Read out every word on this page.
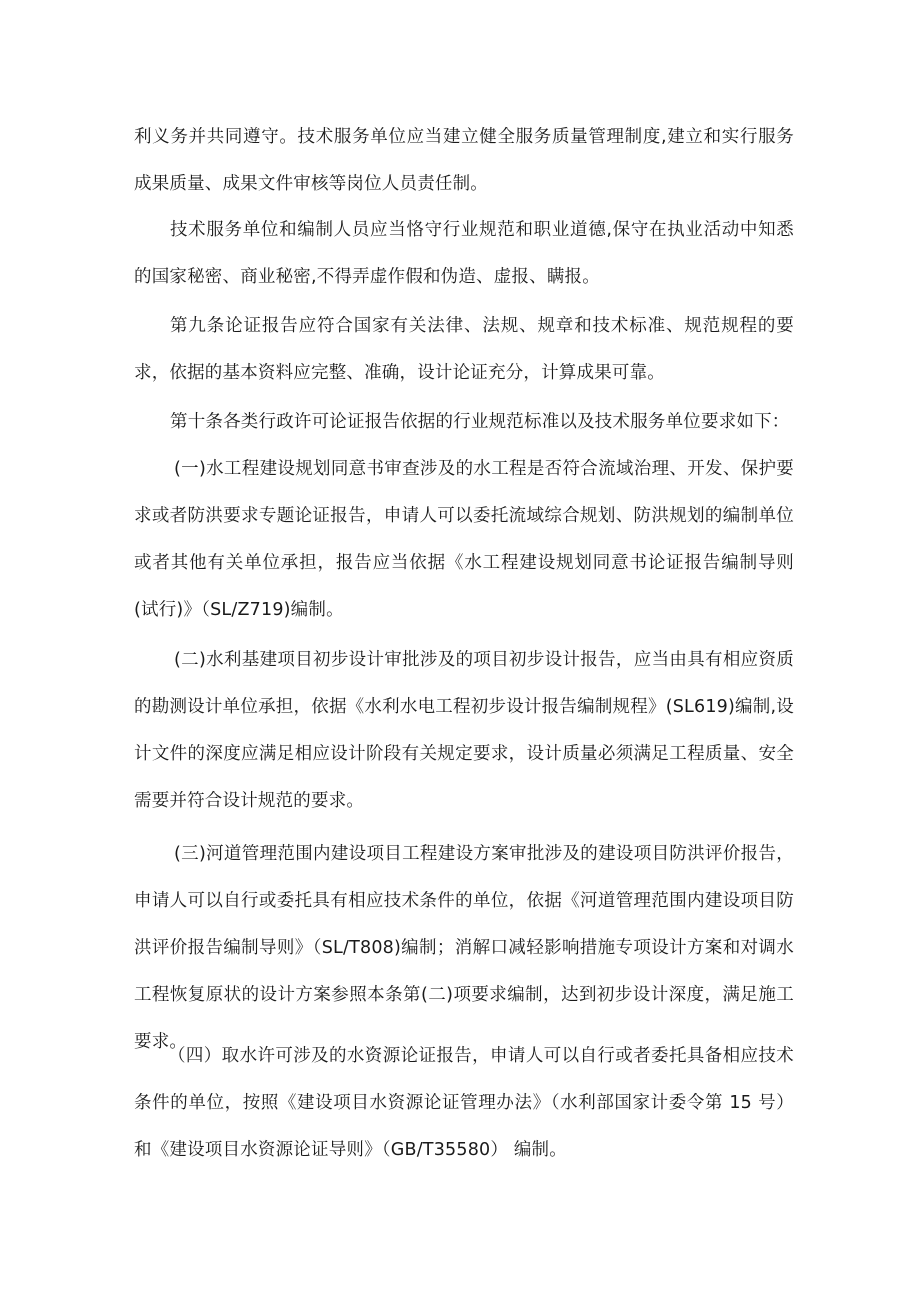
利义务并共同遵守。技术服务单位应当建立健全服务质量管理制度,建立和实行服务成果质量、成果文件审核等岗位人员责任制。

技术服务单位和编制人员应当恪守行业规范和职业道德,保守在执业活动中知悉的国家秘密、商业秘密,不得弄虚作假和伪造、虚报、瞒报。

第九条论证报告应符合国家有关法律、法规、规章和技术标准、规范规程的要求，依据的基本资料应完整、准确，设计论证充分，计算成果可靠。

第十条各类行政许可论证报告依据的行业规范标准以及技术服务单位要求如下：

(一)水工程建设规划同意书审查涉及的水工程是否符合流域治理、开发、保护要求或者防洪要求专题论证报告，申请人可以委托流域综合规划、防洪规划的编制单位或者其他有关单位承担，报告应当依据《水工程建设规划同意书论证报告编制导则(试行)》（SL/Z719)编制。

(二)水利基建项目初步设计审批涉及的项目初步设计报告，应当由具有相应资质的勘测设计单位承担，依据《水利水电工程初步设计报告编制规程》(SL619)编制,设计文件的深度应满足相应设计阶段有关规定要求，设计质量必须满足工程质量、安全需要并符合设计规范的要求。

(三)河道管理范围内建设项目工程建设方案审批涉及的建设项目防洪评价报告，申请人可以自行或委托具有相应技术条件的单位，依据《河道管理范围内建设项目防洪评价报告编制导则》（SL/T808)编制；消解口减轻影响措施专项设计方案和对调水工程恢复原状的设计方案参照本条第(二)项要求编制，达到初步设计深度，满足施工要求。

（四）取水许可涉及的水资源论证报告，申请人可以自行或者委托具备相应技术条件的单位，按照《建设项目水资源论证管理办法》（水利部国家计委令第 15 号）和《建设项目水资源论证导则》（GB/T35580） 编制。
